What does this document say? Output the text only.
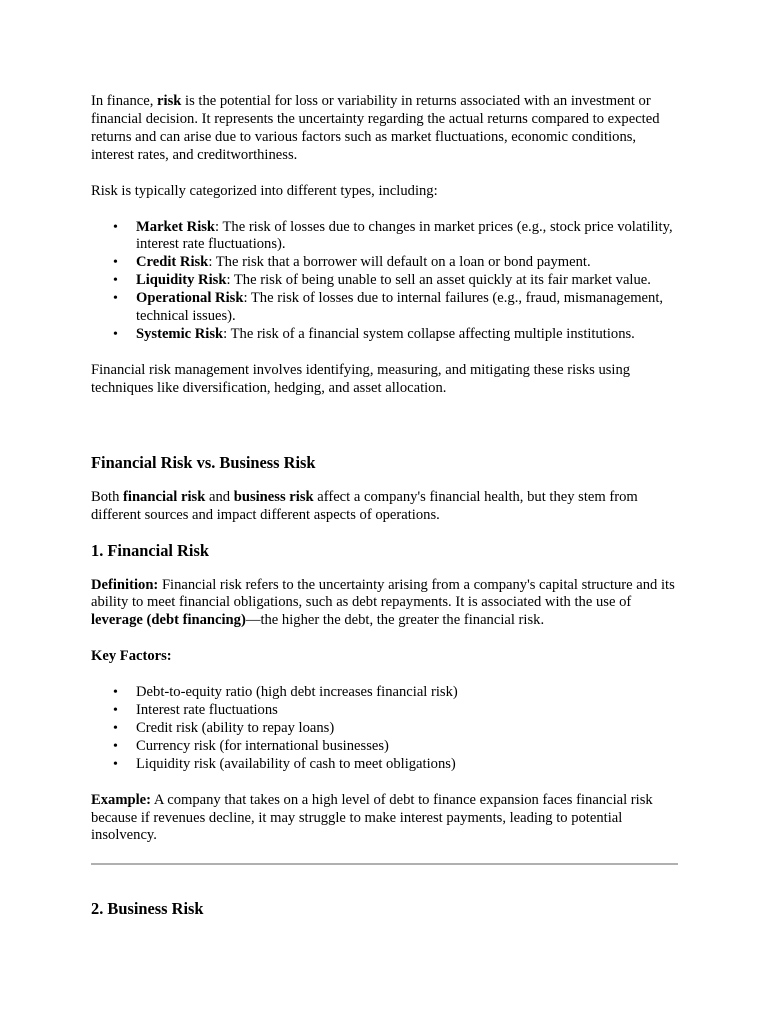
In finance, risk is the potential for loss or variability in returns associated with an investment or financial decision. It represents the uncertainty regarding the actual returns compared to expected returns and can arise due to various factors such as market fluctuations, economic conditions, interest rates, and creditworthiness.

Risk is typically categorized into different types, including:

• Market Risk: The risk of losses due to changes in market prices (e.g., stock price volatility, interest rate fluctuations).
• Credit Risk: The risk that a borrower will default on a loan or bond payment.
• Liquidity Risk: The risk of being unable to sell an asset quickly at its fair market value.
• Operational Risk: The risk of losses due to internal failures (e.g., fraud, mismanagement, technical issues).
• Systemic Risk: The risk of a financial system collapse affecting multiple institutions.

Financial risk management involves identifying, measuring, and mitigating these risks using techniques like diversification, hedging, and asset allocation.

Financial Risk vs. Business Risk

Both financial risk and business risk affect a company's financial health, but they stem from different sources and impact different aspects of operations.

1. Financial Risk

Definition: Financial risk refers to the uncertainty arising from a company's capital structure and its ability to meet financial obligations, such as debt repayments. It is associated with the use of leverage (debt financing)—the higher the debt, the greater the financial risk.

Key Factors:

• Debt-to-equity ratio (high debt increases financial risk)
• Interest rate fluctuations
• Credit risk (ability to repay loans)
• Currency risk (for international businesses)
• Liquidity risk (availability of cash to meet obligations)

Example: A company that takes on a high level of debt to finance expansion faces financial risk because if revenues decline, it may struggle to make interest payments, leading to potential insolvency.

2. Business Risk
